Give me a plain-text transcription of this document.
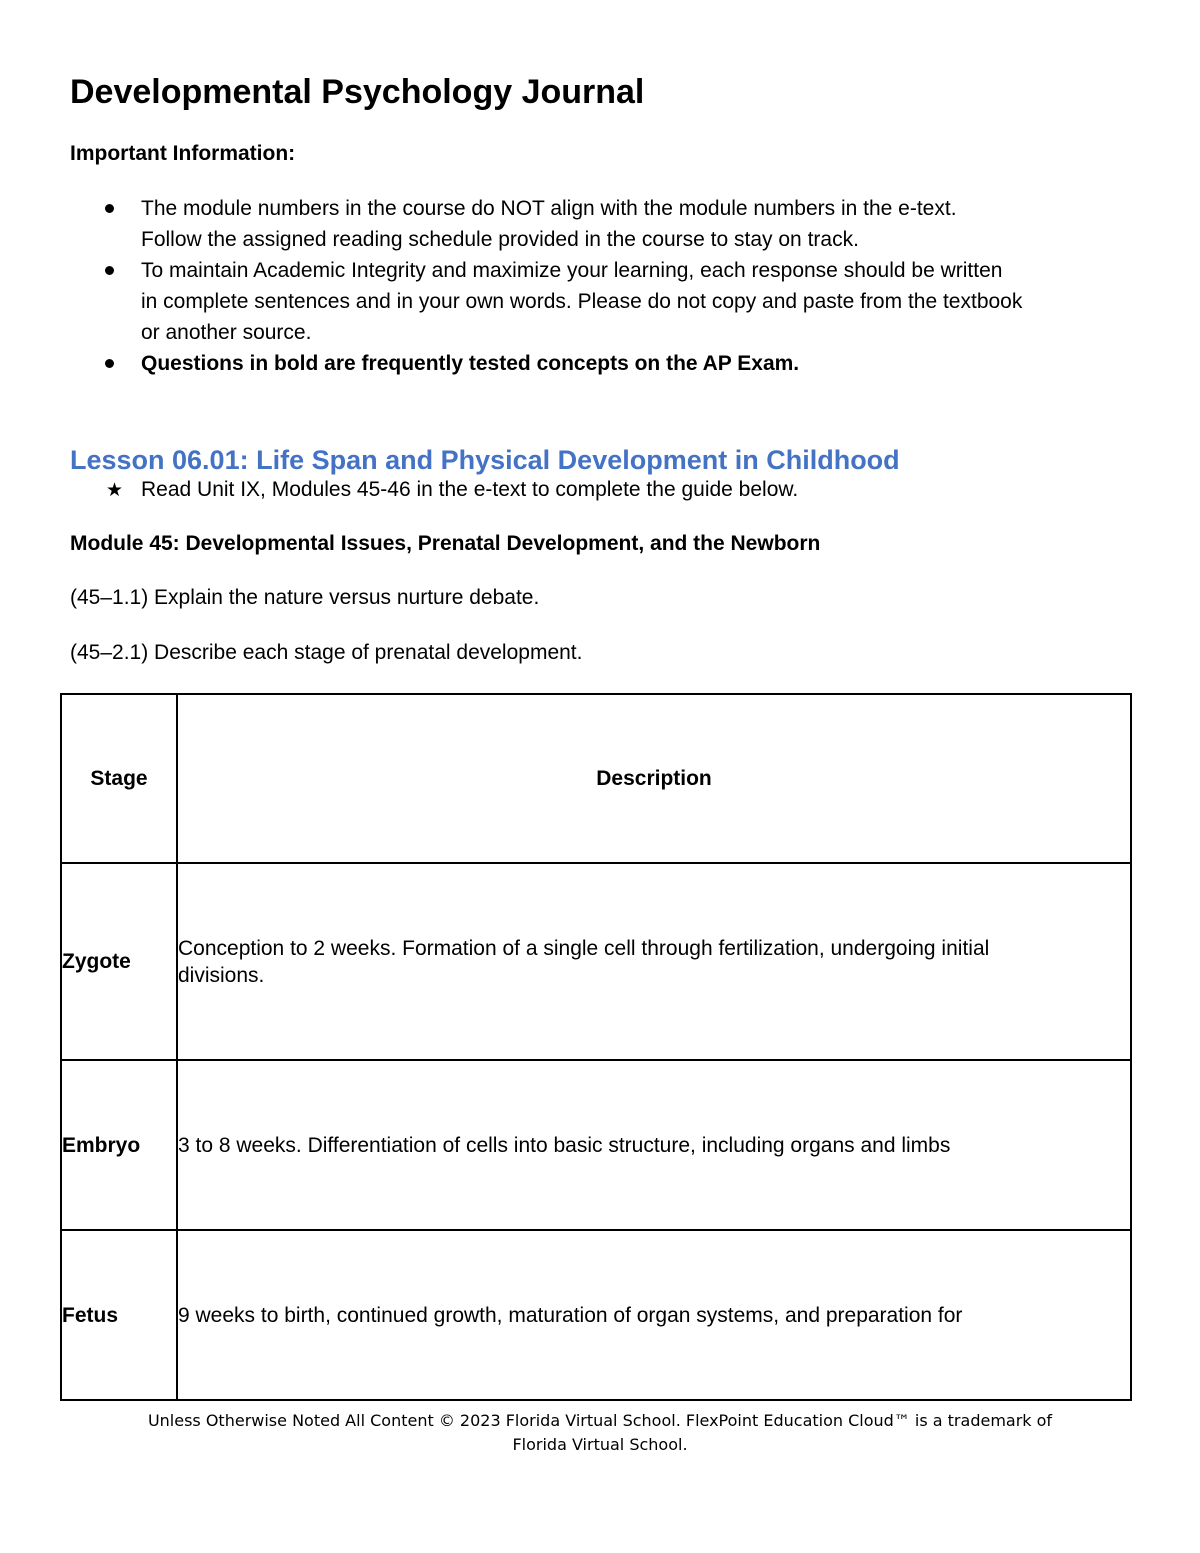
Developmental Psychology Journal
Important Information:
The module numbers in the course do NOT align with the module numbers in the e-text.
Follow the assigned reading schedule provided in the course to stay on track.
To maintain Academic Integrity and maximize your learning, each response should be written
in complete sentences and in your own words. Please do not copy and paste from the textbook
or another source.
Questions in bold are frequently tested concepts on the AP Exam.
Lesson 06.01: Life Span and Physical Development in Childhood
★ Read Unit IX, Modules 45-46 in the e-text to complete the guide below.
Module 45: Developmental Issues, Prenatal Development, and the Newborn
(45–1.1) Explain the nature versus nurture debate.
(45–2.1) Describe each stage of prenatal development.
Stage	Description
Zygote	Conception to 2 weeks. Formation of a single cell through fertilization, undergoing initial
divisions.
Embryo	3 to 8 weeks. Differentiation of cells into basic structure, including organs and limbs
Fetus	9 weeks to birth, continued growth, maturation of organ systems, and preparation for
Unless Otherwise Noted All Content © 2023 Florida Virtual School. FlexPoint Education Cloud™ is a trademark of
Florida Virtual School.
